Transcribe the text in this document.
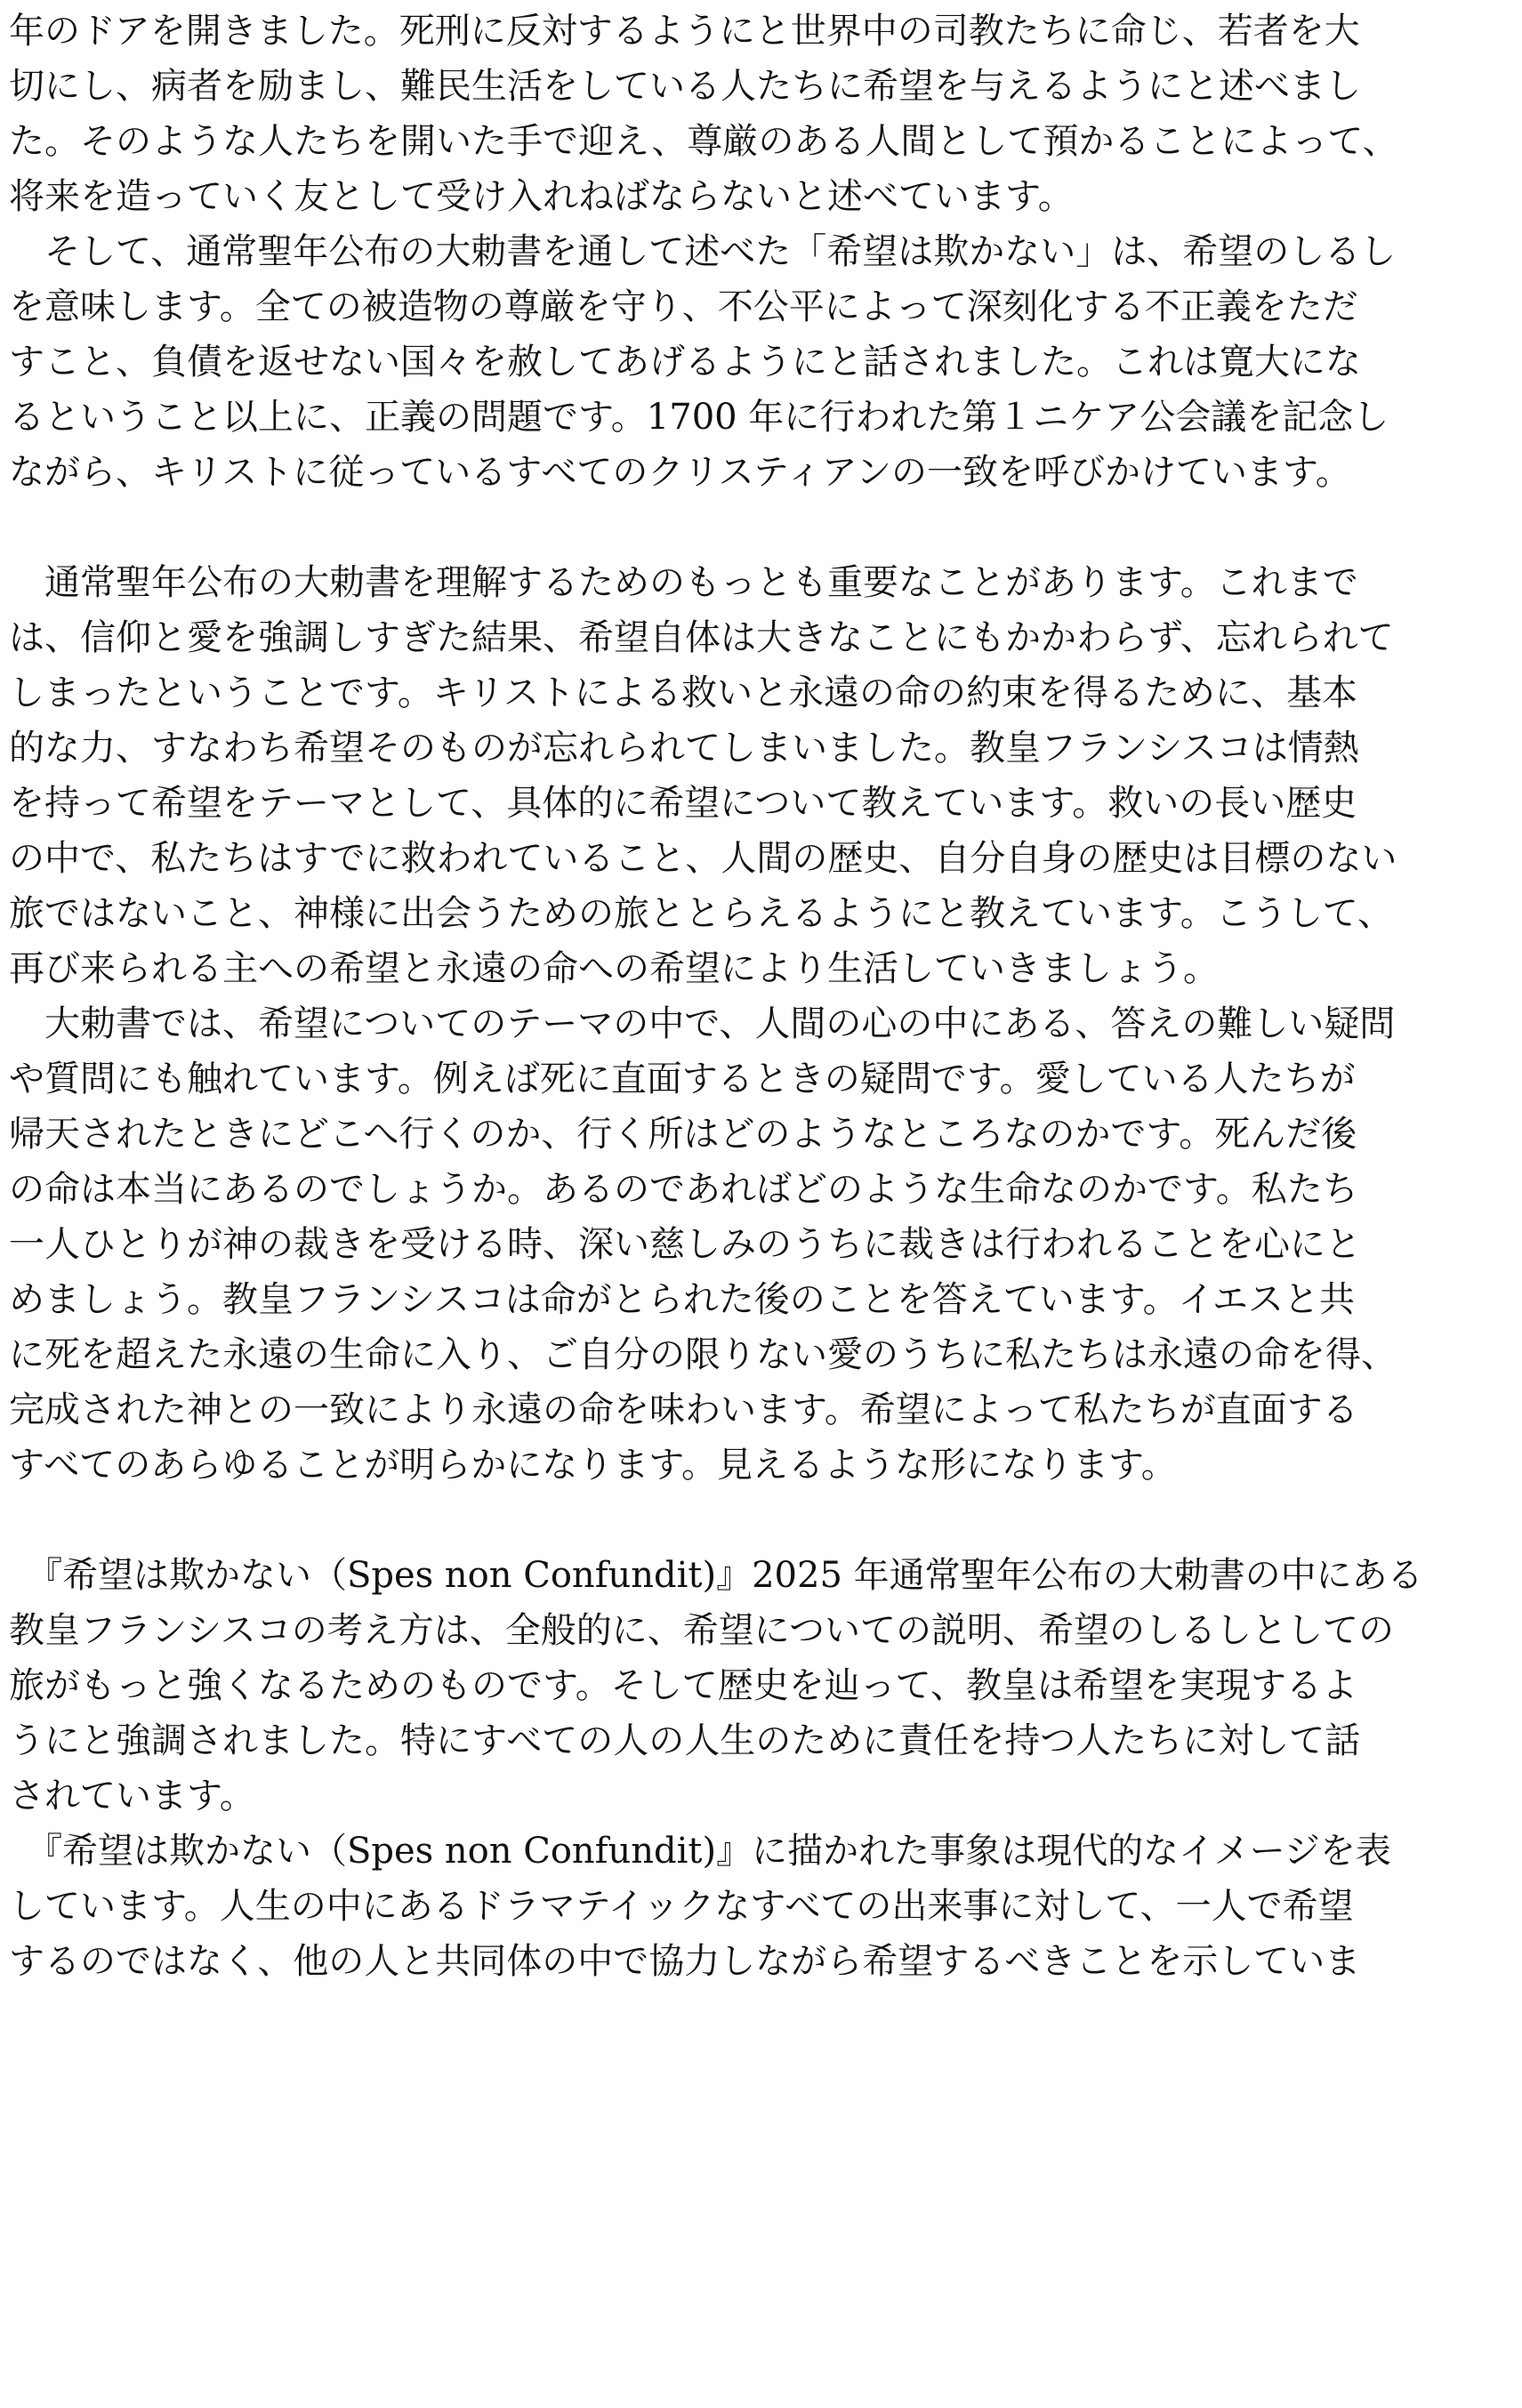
年のドアを開きました。死刑に反対するようにと世界中の司教たちに命じ、若者を大
切にし、病者を励まし、難民生活をしている人たちに希望を与えるようにと述べまし
た。そのような人たちを開いた手で迎え、尊厳のある人間として預かることによって、
将来を造っていく友として受け入れねばならないと述べています。
　そして、通常聖年公布の大勅書を通して述べた「希望は欺かない」は、希望のしるし
を意味します。全ての被造物の尊厳を守り、不公平によって深刻化する不正義をただ
すこと、負債を返せない国々を赦してあげるようにと話されました。これは寛大にな
るということ以上に、正義の問題です。1700 年に行われた第１ニケア公会議を記念し
ながら、キリストに従っているすべてのクリスティアンの一致を呼びかけています。
　通常聖年公布の大勅書を理解するためのもっとも重要なことがあります。これまで
は、信仰と愛を強調しすぎた結果、希望自体は大きなことにもかかわらず、忘れられて
しまったということです。キリストによる救いと永遠の命の約束を得るために、基本
的な力、すなわち希望そのものが忘れられてしまいました。教皇フランシスコは情熱
を持って希望をテーマとして、具体的に希望について教えています。救いの長い歴史
の中で、私たちはすでに救われていること、人間の歴史、自分自身の歴史は目標のない
旅ではないこと、神様に出会うための旅ととらえるようにと教えています。こうして、
再び来られる主への希望と永遠の命への希望により生活していきましょう。
　大勅書では、希望についてのテーマの中で、人間の心の中にある、答えの難しい疑問
や質問にも触れています。例えば死に直面するときの疑問です。愛している人たちが
帰天されたときにどこへ行くのか、行く所はどのようなところなのかです。死んだ後
の命は本当にあるのでしょうか。あるのであればどのような生命なのかです。私たち
一人ひとりが神の裁きを受ける時、深い慈しみのうちに裁きは行われることを心にと
めましょう。教皇フランシスコは命がとられた後のことを答えています。イエスと共
に死を超えた永遠の生命に入り、ご自分の限りない愛のうちに私たちは永遠の命を得、
完成された神との一致により永遠の命を味わいます。希望によって私たちが直面する
すべてのあらゆることが明らかになります。見えるような形になります。
　『希望は欺かない（Spes non Confundit)』2025 年通常聖年公布の大勅書の中にある
教皇フランシスコの考え方は、全般的に、希望についての説明、希望のしるしとしての
旅がもっと強くなるためのものです。そして歴史を辿って、教皇は希望を実現するよ
うにと強調されました。特にすべての人の人生のために責任を持つ人たちに対して話
されています。
　『希望は欺かない（Spes non Confundit)』に描かれた事象は現代的なイメージを表
しています。人生の中にあるドラマテイックなすべての出来事に対して、一人で希望
するのではなく、他の人と共同体の中で協力しながら希望するべきことを示していま
